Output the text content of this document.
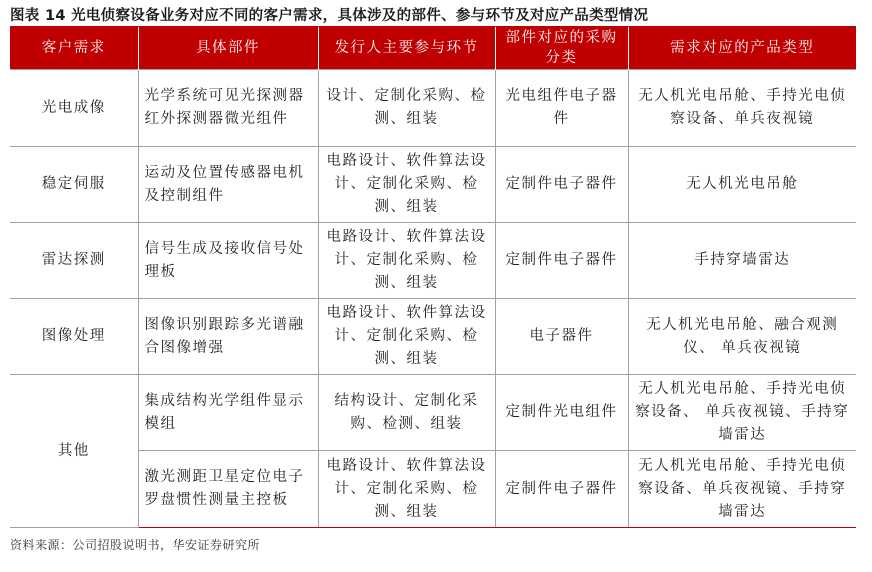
图表 14 光电侦察设备业务对应不同的客户需求，具体涉及的部件、参与环节及对应产品类型情况
客户需求	具体部件	发行人主要参与环节	部件对应的采购分类	需求对应的产品类型
光电成像	光学系统可见光探测器红外探测器微光组件	设计、定制化采购、检测、组装	光电组件电子器件	无人机光电吊舱、手持光电侦察设备、单兵夜视镜
稳定伺服	运动及位置传感器电机及控制组件	电路设计、软件算法设计、定制化采购、检测、组装	定制件电子器件	无人机光电吊舱
雷达探测	信号生成及接收信号处理板	电路设计、软件算法设计、定制化采购、检测、组装	定制件电子器件	手持穿墙雷达
图像处理	图像识别跟踪多光谱融合图像增强	电路设计、软件算法设计、定制化采购、检测、组装	电子器件	无人机光电吊舱、融合观测仪、 单兵夜视镜
其他	集成结构光学组件显示模组	结构设计、定制化采购、检测、组装	定制件光电组件	无人机光电吊舱、手持光电侦察设备、 单兵夜视镜、手持穿墙雷达
	激光测距卫星定位电子罗盘惯性测量主控板	电路设计、软件算法设计、定制化采购、检测、组装	定制件电子器件	无人机光电吊舱、手持光电侦察设备、单兵夜视镜、手持穿墙雷达
资料来源：公司招股说明书，华安证券研究所
